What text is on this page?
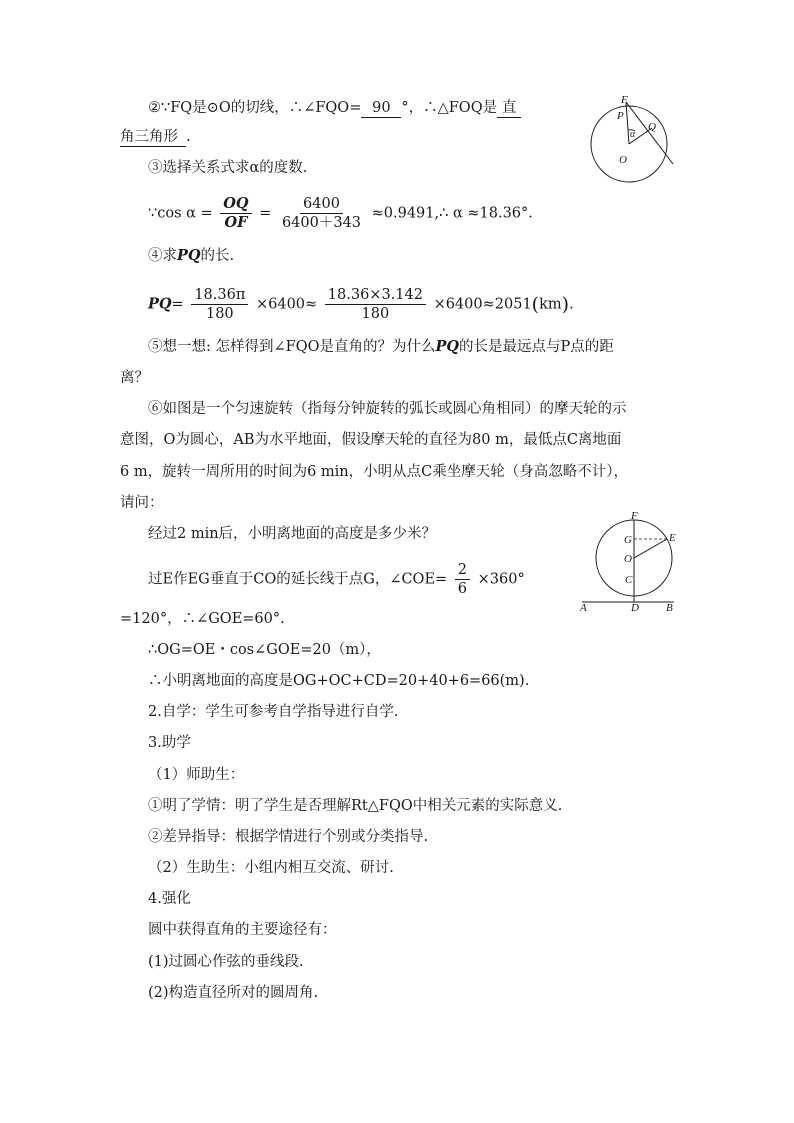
②∵FQ是⊙O的切线，∴∠FQO= 90 °，∴△FOQ是 直
角三角形 .
③选择关系式求α的度数.
∵cos $\alpha = \frac{OQ}{OF} = \frac{6400}{6400+343}$ ≈0.9491,∴ α ≈18.36°.
④求PQ的长.
$PQ= \frac{18.36\pi}{180} \times 6400\approx \frac{18.36\times 3.142}{180} \times 6400\approx 2051(km)$.
⑤想一想: 怎样得到∠FQO是直角的？为什么PQ的长是最远点与P点的距
离？
⑥如图是一个匀速旋转（指每分钟旋转的弧长或圆心角相同）的摩天轮的示
意图，O为圆心，AB为水平地面，假设摩天轮的直径为80 m，最低点C离地面
6 m，旋转一周所用的时间为6 min，小明从点C乘坐摩天轮（身高忽略不计），
请问：
经过2 min后，小明离地面的高度是多少米？
过E作EG垂直于CO的延长线于点G，∠COE= $\frac{2}{6} \times 360^\circ$
=120°，∴∠GOE=60°.
∴OG=OE・cos∠GOE=20（m），
∴小明离地面的高度是OG+OC+CD=20+40+6=66(m).
2.自学：学生可参考自学指导进行自学.
3.助学
（1）师助生：
①明了学情：明了学生是否理解Rt△FQO中相关元素的实际意义.
②差异指导：根据学情进行个别或分类指导.
（2）生助生：小组内相互交流、研讨.
4.强化
圆中获得直角的主要途径有：
(1)过圆心作弦的垂线段.
(2)构造直径所对的圆周角.
F
P
Q
O
α
F
E
G
O
C
A	D B
